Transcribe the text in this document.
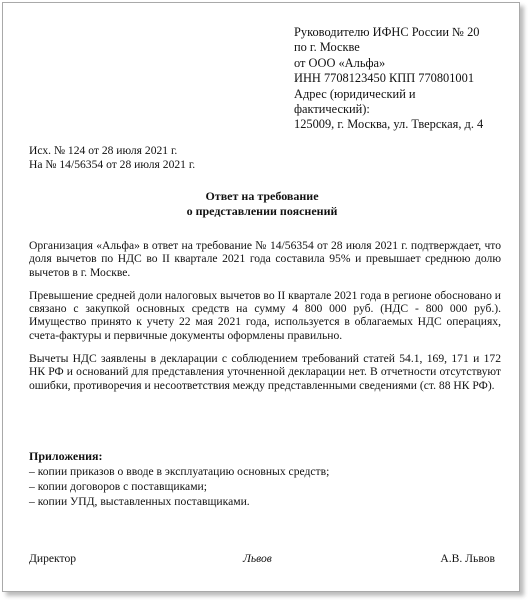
Руководителю ИФНС России № 20
по г. Москве
от ООО «Альфа»
ИНН 7708123450 КПП 770801001
Адрес (юридический и
фактический):
125009, г. Москва, ул. Тверская, д. 4
Исх. № 124 от 28 июля 2021 г.
На № 14/56354 от 28 июля 2021 г.
Ответ на требование
о представлении пояснений

Организация «Альфа» в ответ на требование № 14/56354 от 28 июля 2021 г. подтверждает, что доля вычетов по НДС во II квартале 2021 года составила 95% и превышает среднюю долю вычетов в г. Москве.

Превышение средней доли налоговых вычетов во II квартале 2021 года в регионе обосновано и связано с закупкой основных средств на сумму 4 800 000 руб. (НДС - 800 000 руб.). Имущество принято к учету 22 мая 2021 года, используется в облагаемых НДС операциях, счета-фактуры и первичные документы оформлены правильно.

Вычеты НДС заявлены в декларации с соблюдением требований статей 54.1, 169, 171 и 172 НК РФ и оснований для представления уточненной декларации нет. В отчетности отсутствуют ошибки, противоречия и несоответствия между представленными сведениями (ст. 88 НК РФ).

Приложения:
– копии приказов о вводе в эксплуатацию основных средств;
– копии договоров с поставщиками;
– копии УПД, выставленных поставщиками.
Директор	Львов	А.В. Львов
